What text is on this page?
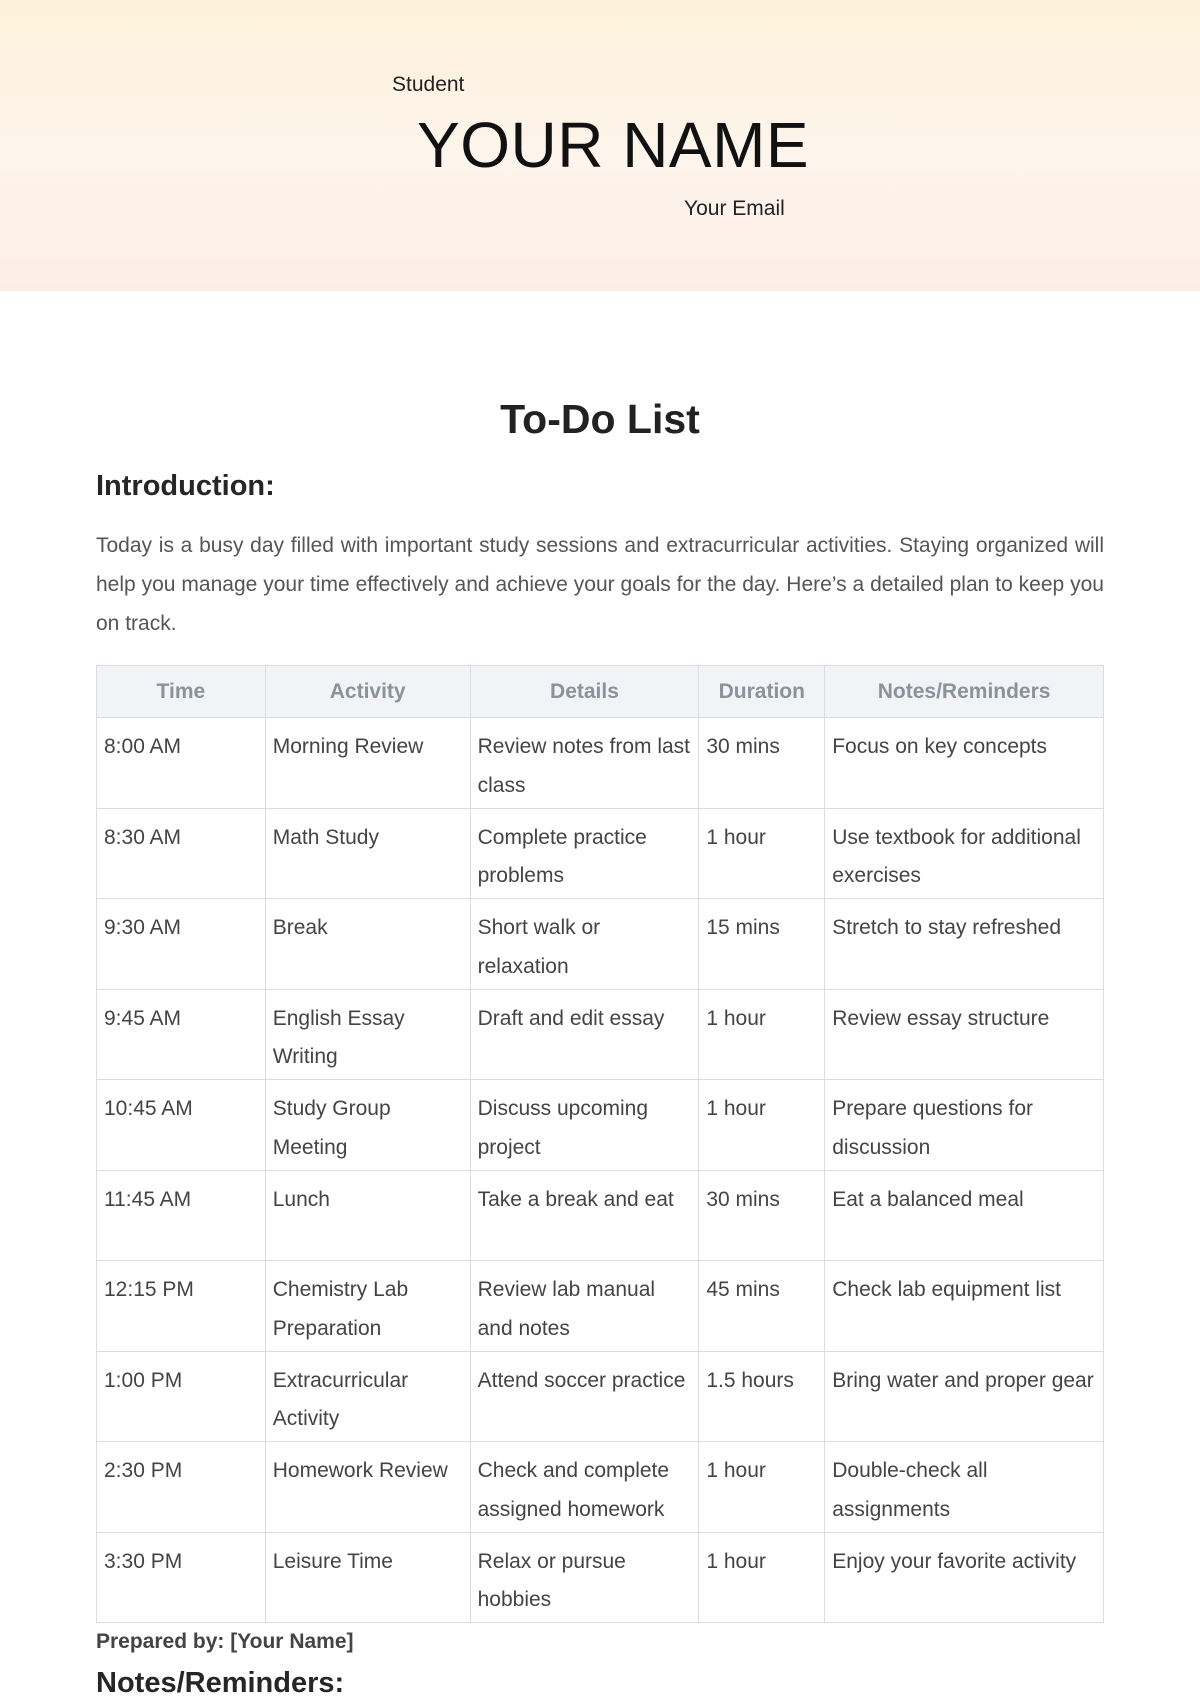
Student
YOUR NAME
Your Email
To-Do List
Introduction:

Today is a busy day filled with important study sessions and extracurricular activities. Staying organized will help you manage your time effectively and achieve your goals for the day. Here’s a detailed plan to keep you on track.

Time	Activity	Details	Duration	Notes/Reminders
8:00 AM	Morning Review	Review notes from last class	30 mins	Focus on key concepts
8:30 AM	Math Study	Complete practice problems	1 hour	Use textbook for additional exercises
9:30 AM	Break	Short walk or relaxation	15 mins	Stretch to stay refreshed
9:45 AM	English Essay Writing	Draft and edit essay	1 hour	Review essay structure
10:45 AM	Study Group Meeting	Discuss upcoming project	1 hour	Prepare questions for discussion
11:45 AM	Lunch	Take a break and eat	30 mins	Eat a balanced meal
12:15 PM	Chemistry Lab Preparation	Review lab manual and notes	45 mins	Check lab equipment list
1:00 PM	Extracurricular Activity	Attend soccer practice	1.5 hours	Bring water and proper gear
2:30 PM	Homework Review	Check and complete assigned homework	1 hour	Double-check all assignments
3:30 PM	Leisure Time	Relax or pursue hobbies	1 hour	Enjoy your favorite activity
Prepared by: [Your Name]
Notes/Reminders:
